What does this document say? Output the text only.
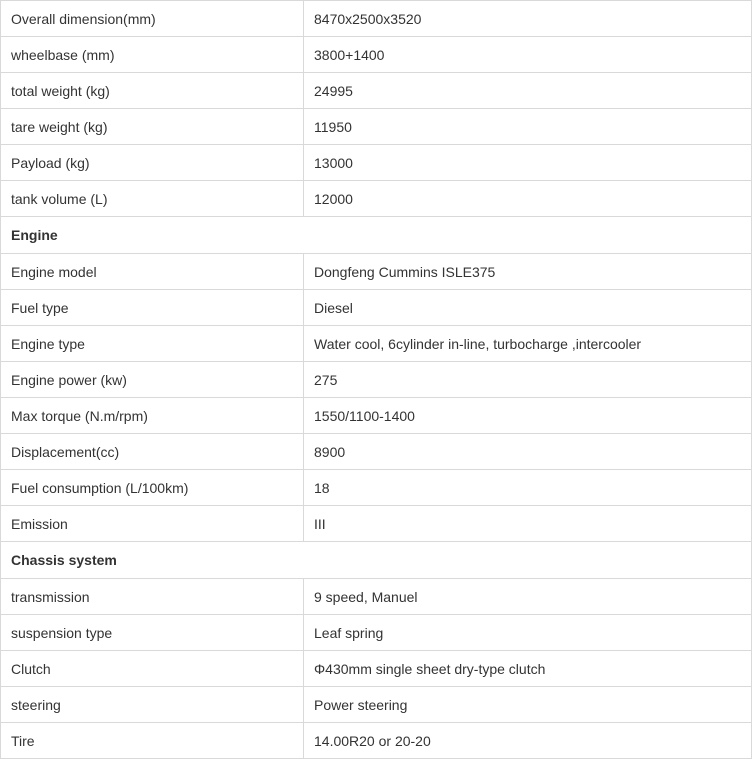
Overall dimension(mm)	8470x2500x3520
wheelbase (mm)	3800+1400
total weight (kg)	24995
tare weight (kg)	11950
Payload (kg)	13000
tank volume (L)	12000
Engine	
Engine model	Dongfeng Cummins ISLE375
Fuel type	Diesel
Engine type	Water cool, 6cylinder in-line, turbocharge ,intercooler
Engine power (kw)	275
Max torque (N.m/rpm)	1550/1100-1400
Displacement(cc)	8900
Fuel consumption (L/100km)	18
Emission	III
Chassis system	
transmission	9 speed, Manuel
suspension type	Leaf spring
Clutch	Φ430mm single sheet dry-type clutch
steering	Power steering
Tire	14.00R20 or 20-20
